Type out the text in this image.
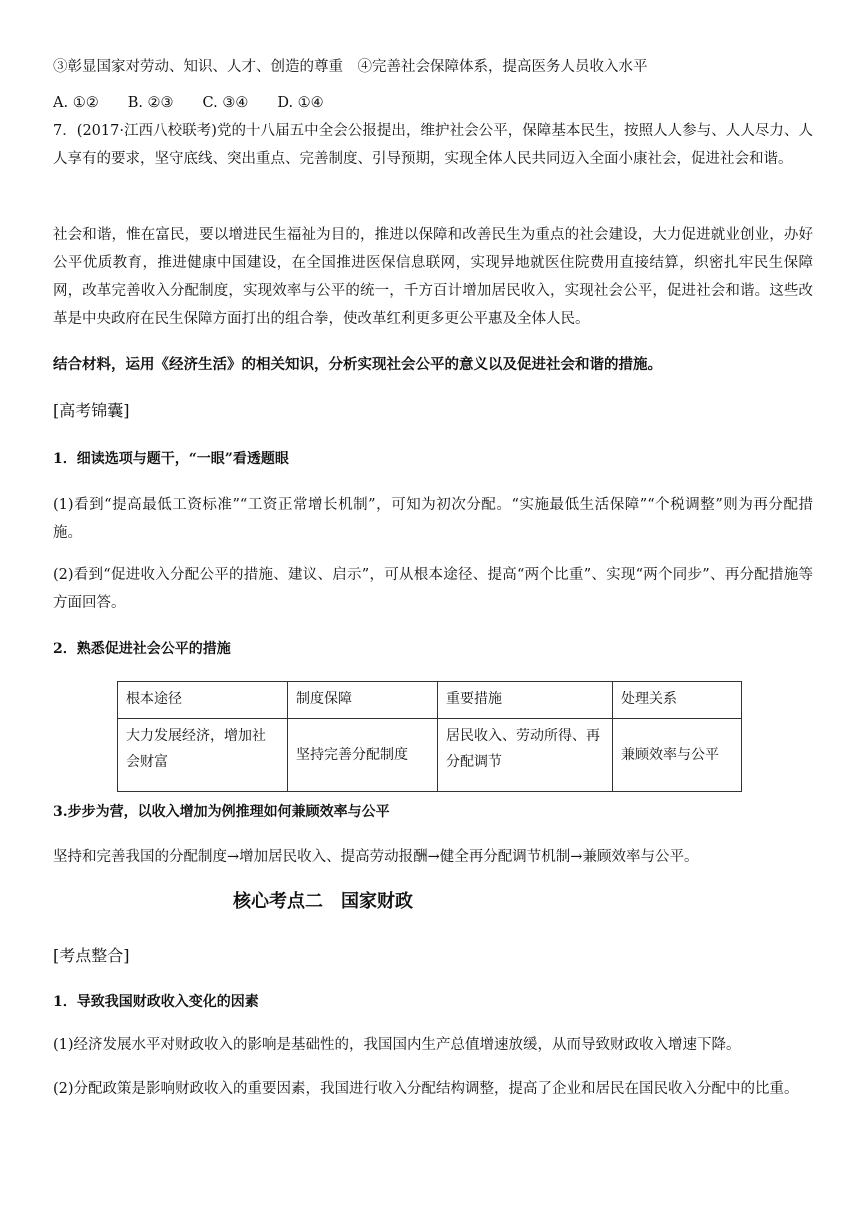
③彰显国家对劳动、知识、人才、创造的尊重　④完善社会保障体系，提高医务人员收入水平

A. ①②　　B. ②③　　C. ③④　　D. ①④

7．(2017·江西八校联考)党的十八届五中全会公报提出，维护社会公平，保障基本民生，按照人人参与、人人尽力、人人享有的要求，坚守底线、突出重点、完善制度、引导预期，实现全体人民共同迈入全面小康社会，促进社会和谐。

社会和谐，惟在富民，要以增进民生福祉为目的，推进以保障和改善民生为重点的社会建设，大力促进就业创业，办好公平优质教育，推进健康中国建设，在全国推进医保信息联网，实现异地就医住院费用直接结算，织密扎牢民生保障网，改革完善收入分配制度，实现效率与公平的统一，千方百计增加居民收入，实现社会公平，促进社会和谐。这些改革是中央政府在民生保障方面打出的组合拳，使改革红利更多更公平惠及全体人民。

结合材料，运用《经济生活》的相关知识，分析实现社会公平的意义以及促进社会和谐的措施。

[高考锦囊]

1．细读选项与题干，“一眼”看透题眼

(1)看到“提高最低工资标准”“工资正常增长机制”，可知为初次分配。“实施最低生活保障”“个税调整”则为再分配措施。

(2)看到“促进收入分配公平的措施、建议、启示”，可从根本途径、提高“两个比重”、实现“两个同步”、再分配措施等方面回答。

2．熟悉促进社会公平的措施

根本途径	制度保障	重要措施	处理关系
大力发展经济，增加社会财富	坚持完善分配制度	居民收入、劳动所得、再分配调节	兼顾效率与公平

3.步步为营，以收入增加为例推理如何兼顾效率与公平

坚持和完善我国的分配制度→增加居民收入、提高劳动报酬→健全再分配调节机制→兼顾效率与公平。

核心考点二　国家财政

[考点整合]

1．导致我国财政收入变化的因素

(1)经济发展水平对财政收入的影响是基础性的，我国国内生产总值增速放缓，从而导致财政收入增速下降。

(2)分配政策是影响财政收入的重要因素，我国进行收入分配结构调整，提高了企业和居民在国民收入分配中的比重。
